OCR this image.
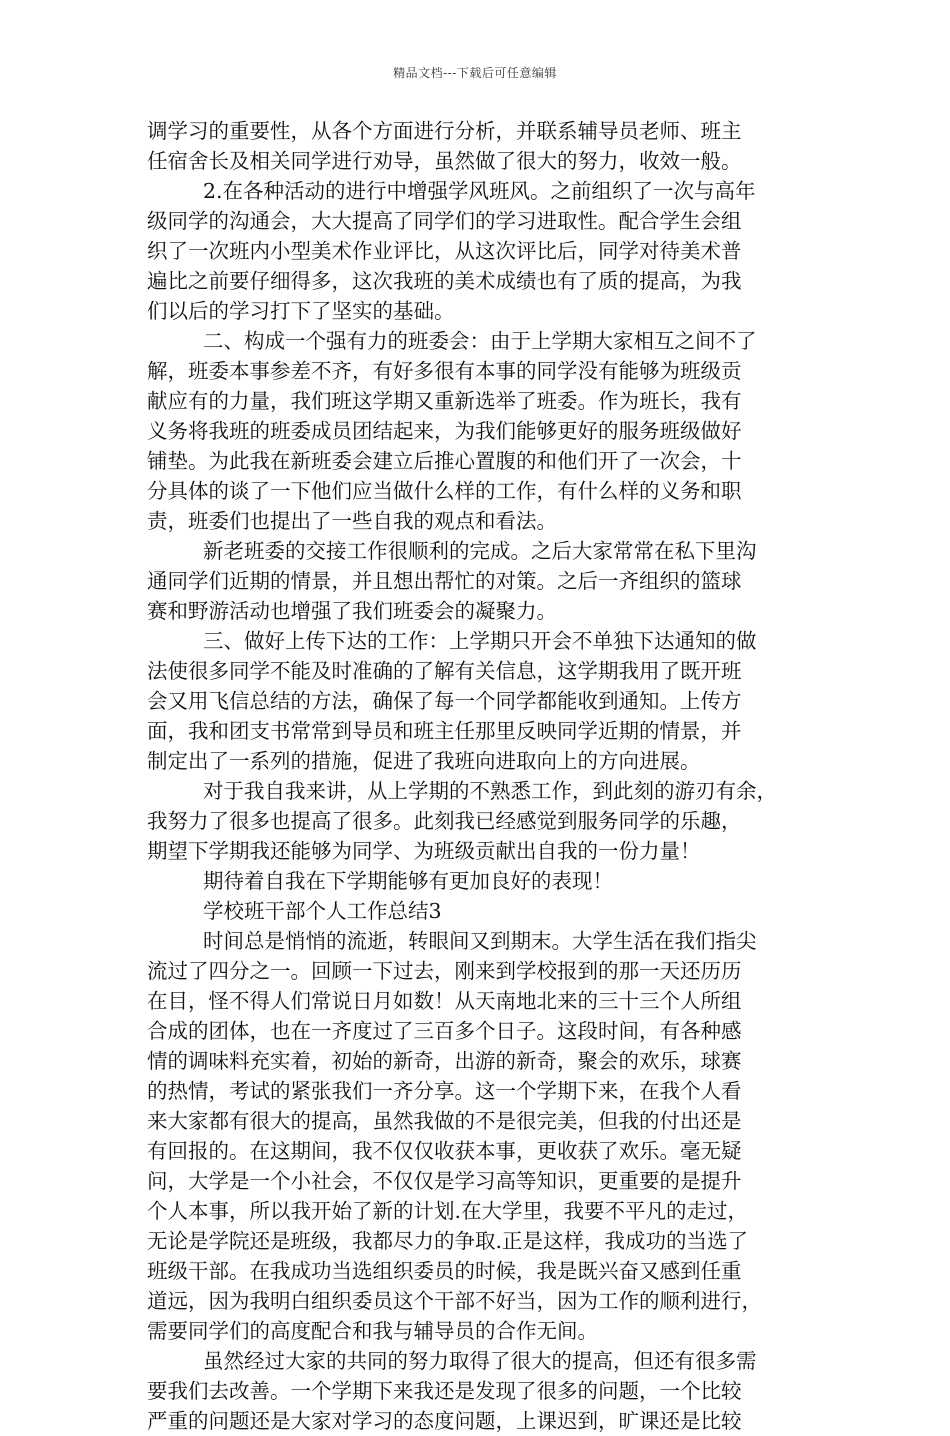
精品文档---下载后可任意编辑
调学习的重要性，从各个方面进行分析，并联系辅导员老师、班主
任宿舍长及相关同学进行劝导，虽然做了很大的努力，收效一般。
2.在各种活动的进行中增强学风班风。之前组织了一次与高年
级同学的沟通会，大大提高了同学们的学习进取性。配合学生会组
织了一次班内小型美术作业评比，从这次评比后，同学对待美术普
遍比之前要仔细得多，这次我班的美术成绩也有了质的提高，为我
们以后的学习打下了坚实的基础。
二、构成一个强有力的班委会：由于上学期大家相互之间不了
解，班委本事参差不齐，有好多很有本事的同学没有能够为班级贡
献应有的力量，我们班这学期又重新选举了班委。作为班长，我有
义务将我班的班委成员团结起来，为我们能够更好的服务班级做好
铺垫。为此我在新班委会建立后推心置腹的和他们开了一次会，十
分具体的谈了一下他们应当做什么样的工作，有什么样的义务和职
责，班委们也提出了一些自我的观点和看法。
新老班委的交接工作很顺利的完成。之后大家常常在私下里沟
通同学们近期的情景，并且想出帮忙的对策。之后一齐组织的篮球
赛和野游活动也增强了我们班委会的凝聚力。
三、做好上传下达的工作：上学期只开会不单独下达通知的做
法使很多同学不能及时准确的了解有关信息，这学期我用了既开班
会又用飞信总结的方法，确保了每一个同学都能收到通知。上传方
面，我和团支书常常到导员和班主任那里反映同学近期的情景，并
制定出了一系列的措施，促进了我班向进取向上的方向进展。
对于我自我来讲，从上学期的不熟悉工作，到此刻的游刃有余，
我努力了很多也提高了很多。此刻我已经感觉到服务同学的乐趣，
期望下学期我还能够为同学、为班级贡献出自我的一份力量！
期待着自我在下学期能够有更加良好的表现！
学校班干部个人工作总结3
时间总是悄悄的流逝，转眼间又到期末。大学生活在我们指尖
流过了四分之一。回顾一下过去，刚来到学校报到的那一天还历历
在目，怪不得人们常说日月如数！从天南地北来的三十三个人所组
合成的团体，也在一齐度过了三百多个日子。这段时间，有各种感
情的调味料充实着，初始的新奇，出游的新奇，聚会的欢乐，球赛
的热情，考试的紧张我们一齐分享。这一个学期下来，在我个人看
来大家都有很大的提高，虽然我做的不是很完美，但我的付出还是
有回报的。在这期间，我不仅仅收获本事，更收获了欢乐。毫无疑
问，大学是一个小社会，不仅仅是学习高等知识，更重要的是提升
个人本事，所以我开始了新的计划.在大学里，我要不平凡的走过，
无论是学院还是班级，我都尽力的争取.正是这样，我成功的当选了
班级干部。在我成功当选组织委员的时候，我是既兴奋又感到任重
道远，因为我明白组织委员这个干部不好当，因为工作的顺利进行，
需要同学们的高度配合和我与辅导员的合作无间。
虽然经过大家的共同的努力取得了很大的提高，但还有很多需
要我们去改善。一个学期下来我还是发现了很多的问题，一个比较
严重的问题还是大家对学习的态度问题，上课迟到，旷课还是比较
